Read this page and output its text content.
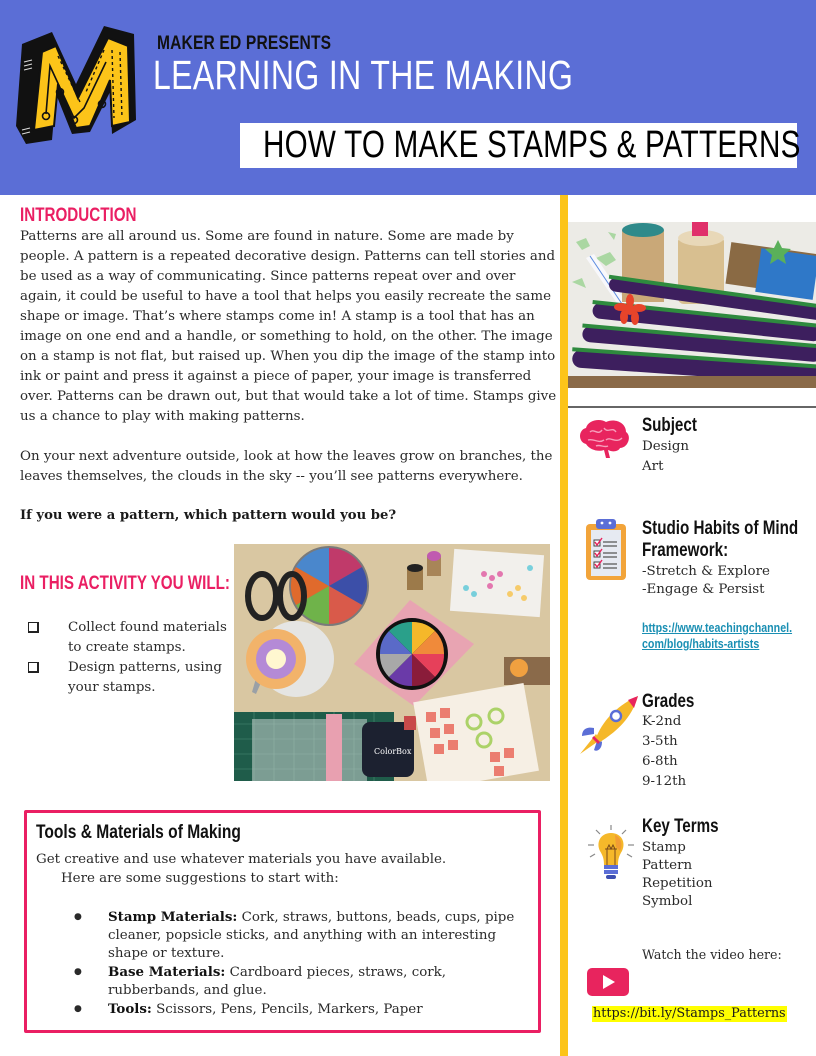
MAKER ED PRESENTS
LEARNING IN THE MAKING
HOW TO MAKE STAMPS & PATTERNS
INTRODUCTION

Patterns are all around us. Some are found in nature. Some are made by people. A pattern is a repeated decorative design. Patterns can tell stories and be used as a way of communicating. Since patterns repeat over and over again, it could be useful to have a tool that helps you easily recreate the same shape or image. That’s where stamps come in! A stamp is a tool that has an image on one end and a handle, or something to hold, on the other. The image on a stamp is not flat, but raised up. When you dip the image of the stamp into ink or paint and press it against a piece of paper, your image is transferred over. Patterns can be drawn out, but that would take a lot of time. Stamps give us a chance to play with making patterns.

On your next adventure outside, look at how the leaves grow on branches, the leaves themselves, the clouds in the sky -- you’ll see patterns everywhere.

If you were a pattern, which pattern would you be?
IN THIS ACTIVITY YOU WILL:
Collect found materials to create stamps.
Design patterns, using your stamps.
ColorBox
Tools & Materials of Making
Get creative and use whatever materials you have available.
Here are some suggestions to start with:
● Stamp Materials: Cork, straws, buttons, beads, cups, pipe cleaner, popsicle sticks, and anything with an interesting shape or texture.
● Base Materials: Cardboard pieces, straws, cork, rubberbands, and glue.
● Tools: Scissors, Pens, Pencils, Markers, Paper
Subject
Design
Art
Studio Habits of Mind
Framework:
-Stretch & Explore
-Engage & Persist
https://www.teachingchannel.
com/blog/habits-artists
Grades
K-2nd
3-5th
6-8th
9-12th
Key Terms
Stamp
Pattern
Repetition
Symbol
Watch the video here:
https://bit.ly/Stamps_Patterns
